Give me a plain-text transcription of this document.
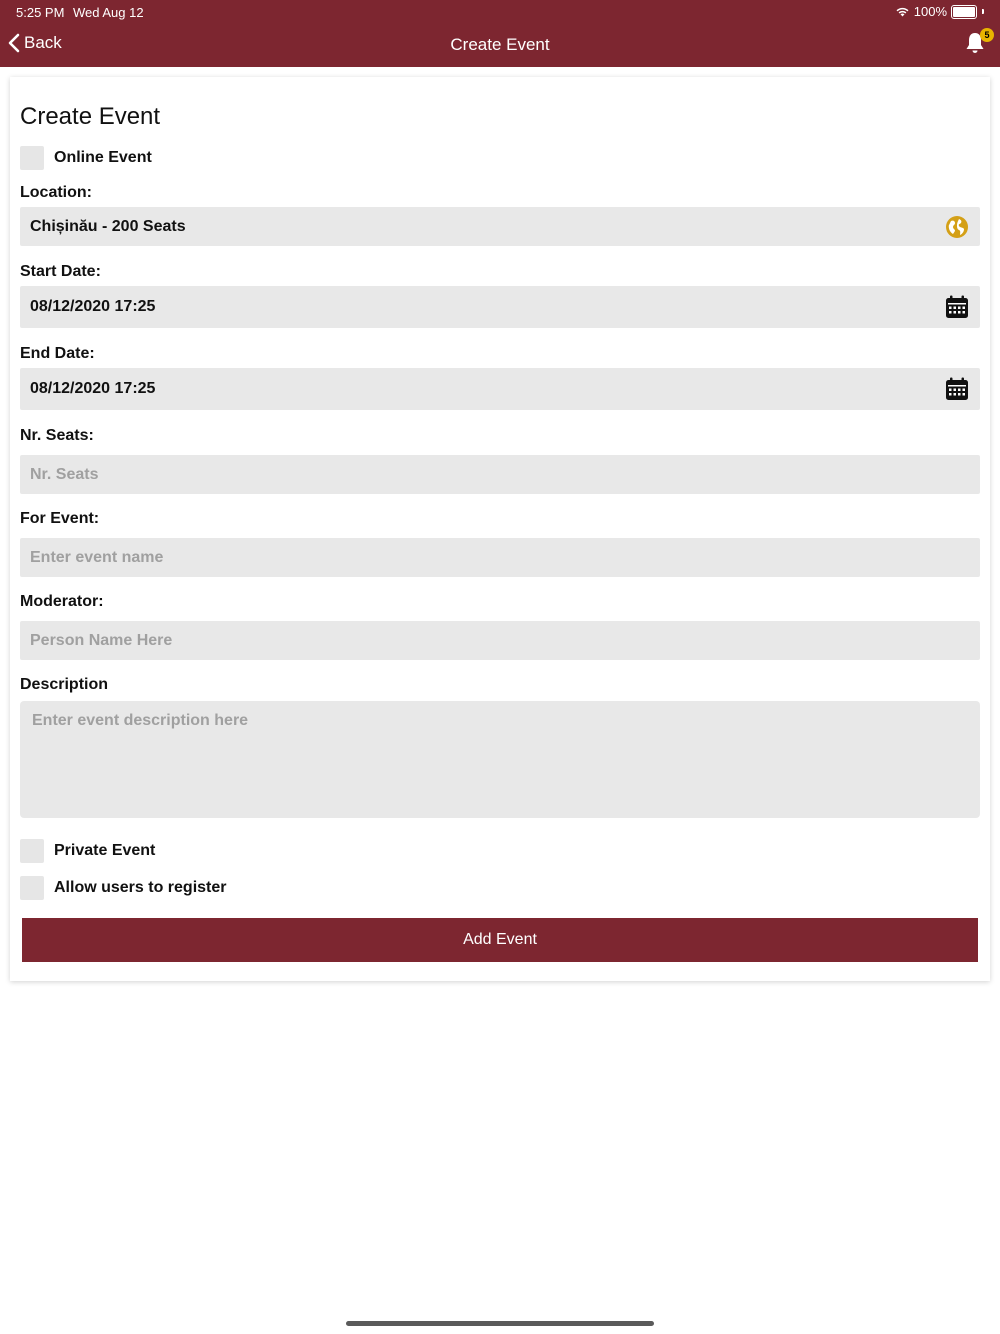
5:25 PM Wed Aug 12	100%
Back	Create Event	5
Create Event
Online Event
Location:
Chișinău - 200 Seats
Start Date:
08/12/2020 17:25
End Date:
08/12/2020 17:25
Nr. Seats:
Nr. Seats
For Event:
Enter event name
Moderator:
Person Name Here
Description
Enter event description here
Private Event
Allow users to register
Add Event
